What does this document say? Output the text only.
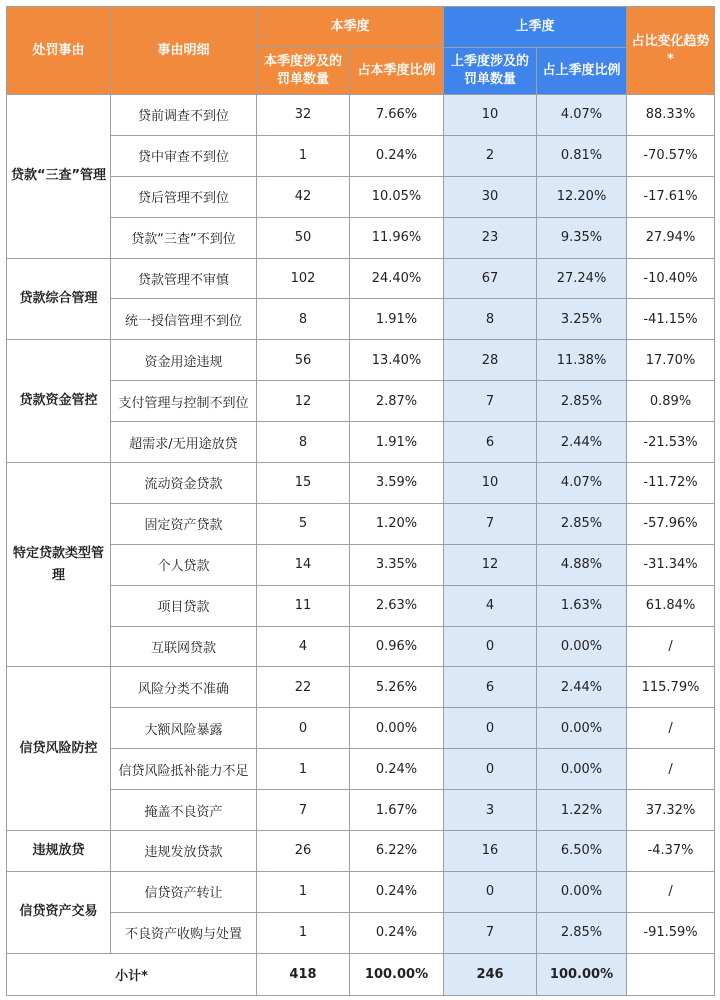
处罚事由	事由明细	本季度		上季度		占比变化趋势*
		本季度涉及的罚单数量	占本季度比例	上季度涉及的罚单数量	占上季度比例	
贷款“三查”管理	贷前调查不到位	32	7.66%	10	4.07%	88.33%
	贷中审查不到位	1	0.24%	2	0.81%	-70.57%
	贷后管理不到位	42	10.05%	30	12.20%	-17.61%
	贷款“三查”不到位	50	11.96%	23	9.35%	27.94%
贷款综合管理	贷款管理不审慎	102	24.40%	67	27.24%	-10.40%
	统一授信管理不到位	8	1.91%	8	3.25%	-41.15%
贷款资金管控	资金用途违规	56	13.40%	28	11.38%	17.70%
	支付管理与控制不到位	12	2.87%	7	2.85%	0.89%
	超需求/无用途放贷	8	1.91%	6	2.44%	-21.53%
特定贷款类型管理	流动资金贷款	15	3.59%	10	4.07%	-11.72%
	固定资产贷款	5	1.20%	7	2.85%	-57.96%
	个人贷款	14	3.35%	12	4.88%	-31.34%
	项目贷款	11	2.63%	4	1.63%	61.84%
	互联网贷款	4	0.96%	0	0.00%	/
信贷风险防控	风险分类不准确	22	5.26%	6	2.44%	115.79%
	大额风险暴露	0	0.00%	0	0.00%	/
	信贷风险抵补能力不足	1	0.24%	0	0.00%	/
	掩盖不良资产	7	1.67%	3	1.22%	37.32%
违规放贷	违规发放贷款	26	6.22%	16	6.50%	-4.37%
信贷资产交易	信贷资产转让	1	0.24%	0	0.00%	/
	不良资产收购与处置	1	0.24%	7	2.85%	-91.59%
小计*		418	100.00%	246	100.00%	
